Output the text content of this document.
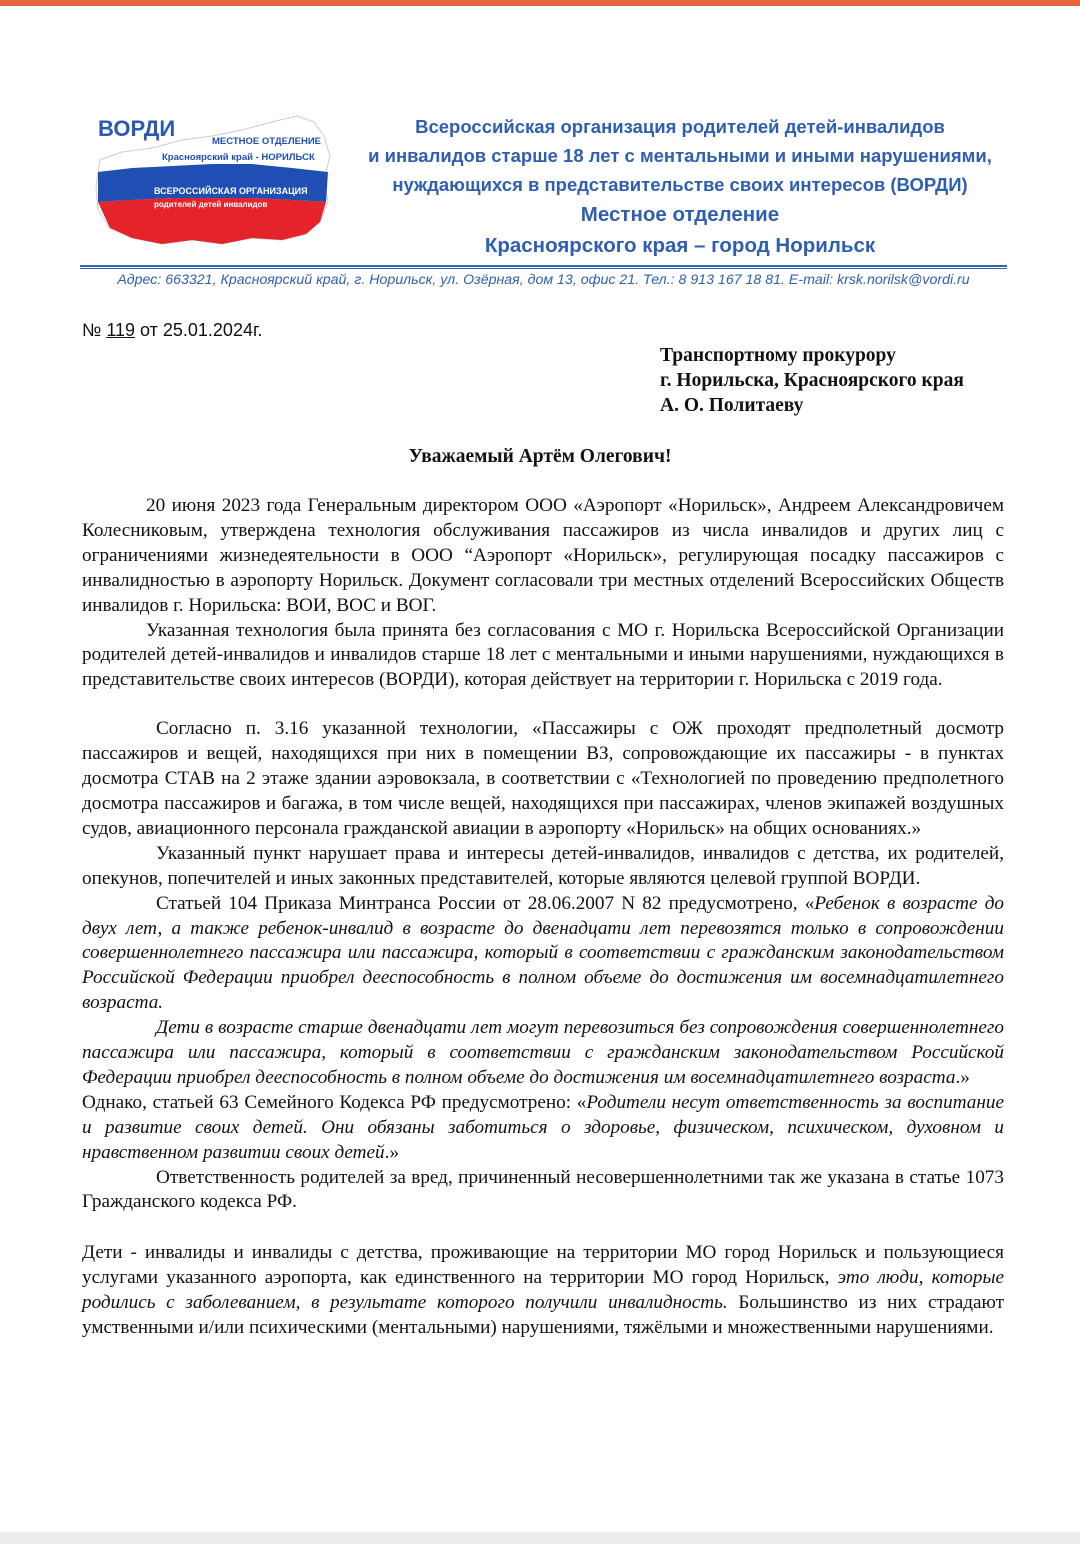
ВОРДИ
МЕСТНОЕ ОТДЕЛЕНИЕ
Красноярский край - НОРИЛЬСК
ВСЕРОССИЙСКАЯ ОРГАНИЗАЦИЯ
родителей детей инвалидов
Всероссийская организация родителей детей-инвалидов
и инвалидов старше 18 лет с ментальными и иными нарушениями,
нуждающихся в представительстве своих интересов (ВОРДИ)
Местное отделение
Красноярского края – город Норильск
Адрес: 663321, Красноярский край, г. Норильск, ул. Озёрная, дом 13, офис 21. Тел.: 8 913 167 18 81. E-mail: krsk.norilsk@vordi.ru
№ 119 от 25.01.2024г.
Транспортному прокурору
г. Норильска, Красноярского края
А. О. Политаеву
Уважаемый Артём Олегович!

20 июня 2023 года Генеральным директором ООО «Аэропорт «Норильск», Андреем Александровичем Колесниковым, утверждена технология обслуживания пассажиров из числа инвалидов и других лиц с ограничениями жизнедеятельности в ООО “Аэропорт «Норильск», регулирующая посадку пассажиров с инвалидностью в аэропорту Норильск. Документ согласовали три местных отделений Всероссийских Обществ инвалидов г. Норильска: ВОИ, ВОС и ВОГ.

Указанная технология была принята без согласования с МО г. Норильска Всероссийской Организации родителей детей-инвалидов и инвалидов старше 18 лет с ментальными и иными нарушениями, нуждающихся в представительстве своих интересов (ВОРДИ), которая действует на территории г. Норильска с 2019 года.

Согласно п. 3.16 указанной технологии, «Пассажиры с ОЖ проходят предполетный досмотр пассажиров и вещей, находящихся при них в помещении ВЗ, сопровождающие их пассажиры - в пунктах досмотра СТАВ на 2 этаже здании аэровокзала, в соответствии с «Технологией по проведению предполетного досмотра пассажиров и багажа, в том числе вещей, находящихся при пассажирах, членов экипажей воздушных судов, авиационного персонала гражданской авиации в аэропорту «Норильск» на общих основаниях.»

Указанный пункт нарушает права и интересы детей-инвалидов, инвалидов с детства, их родителей, опекунов, попечителей и иных законных представителей, которые являются целевой группой ВОРДИ.

Статьей 104 Приказа Минтранса России от 28.06.2007 N 82 предусмотрено, «Ребенок в возрасте до двух лет, а также ребенок-инвалид в возрасте до двенадцати лет перевозятся только в сопровождении совершеннолетнего пассажира или пассажира, который в соответствии с гражданским законодательством Российской Федерации приобрел дееспособность в полном объеме до достижения им восемнадцатилетнего возраста.

Дети в возрасте старше двенадцати лет могут перевозиться без сопровождения совершеннолетнего пассажира или пассажира, который в соответствии с гражданским законодательством Российской Федерации приобрел дееспособность в полном объеме до достижения им восемнадцатилетнего возраста.»

Однако, статьей 63 Семейного Кодекса РФ предусмотрено: «Родители несут ответственность за воспитание и развитие своих детей. Они обязаны заботиться о здоровье, физическом, психическом, духовном и нравственном развитии своих детей.»

Ответственность родителей за вред, причиненный несовершеннолетними так же указана в статье 1073 Гражданского кодекса РФ.

Дети - инвалиды и инвалиды с детства, проживающие на территории МО город Норильск и пользующиеся услугами указанного аэропорта, как единственного на территории МО город Норильск, это люди, которые родились с заболеванием, в результате которого получили инвалидность. Большинство из них страдают умственными и/или психическими (ментальными) нарушениями, тяжёлыми и множественными нарушениями.
